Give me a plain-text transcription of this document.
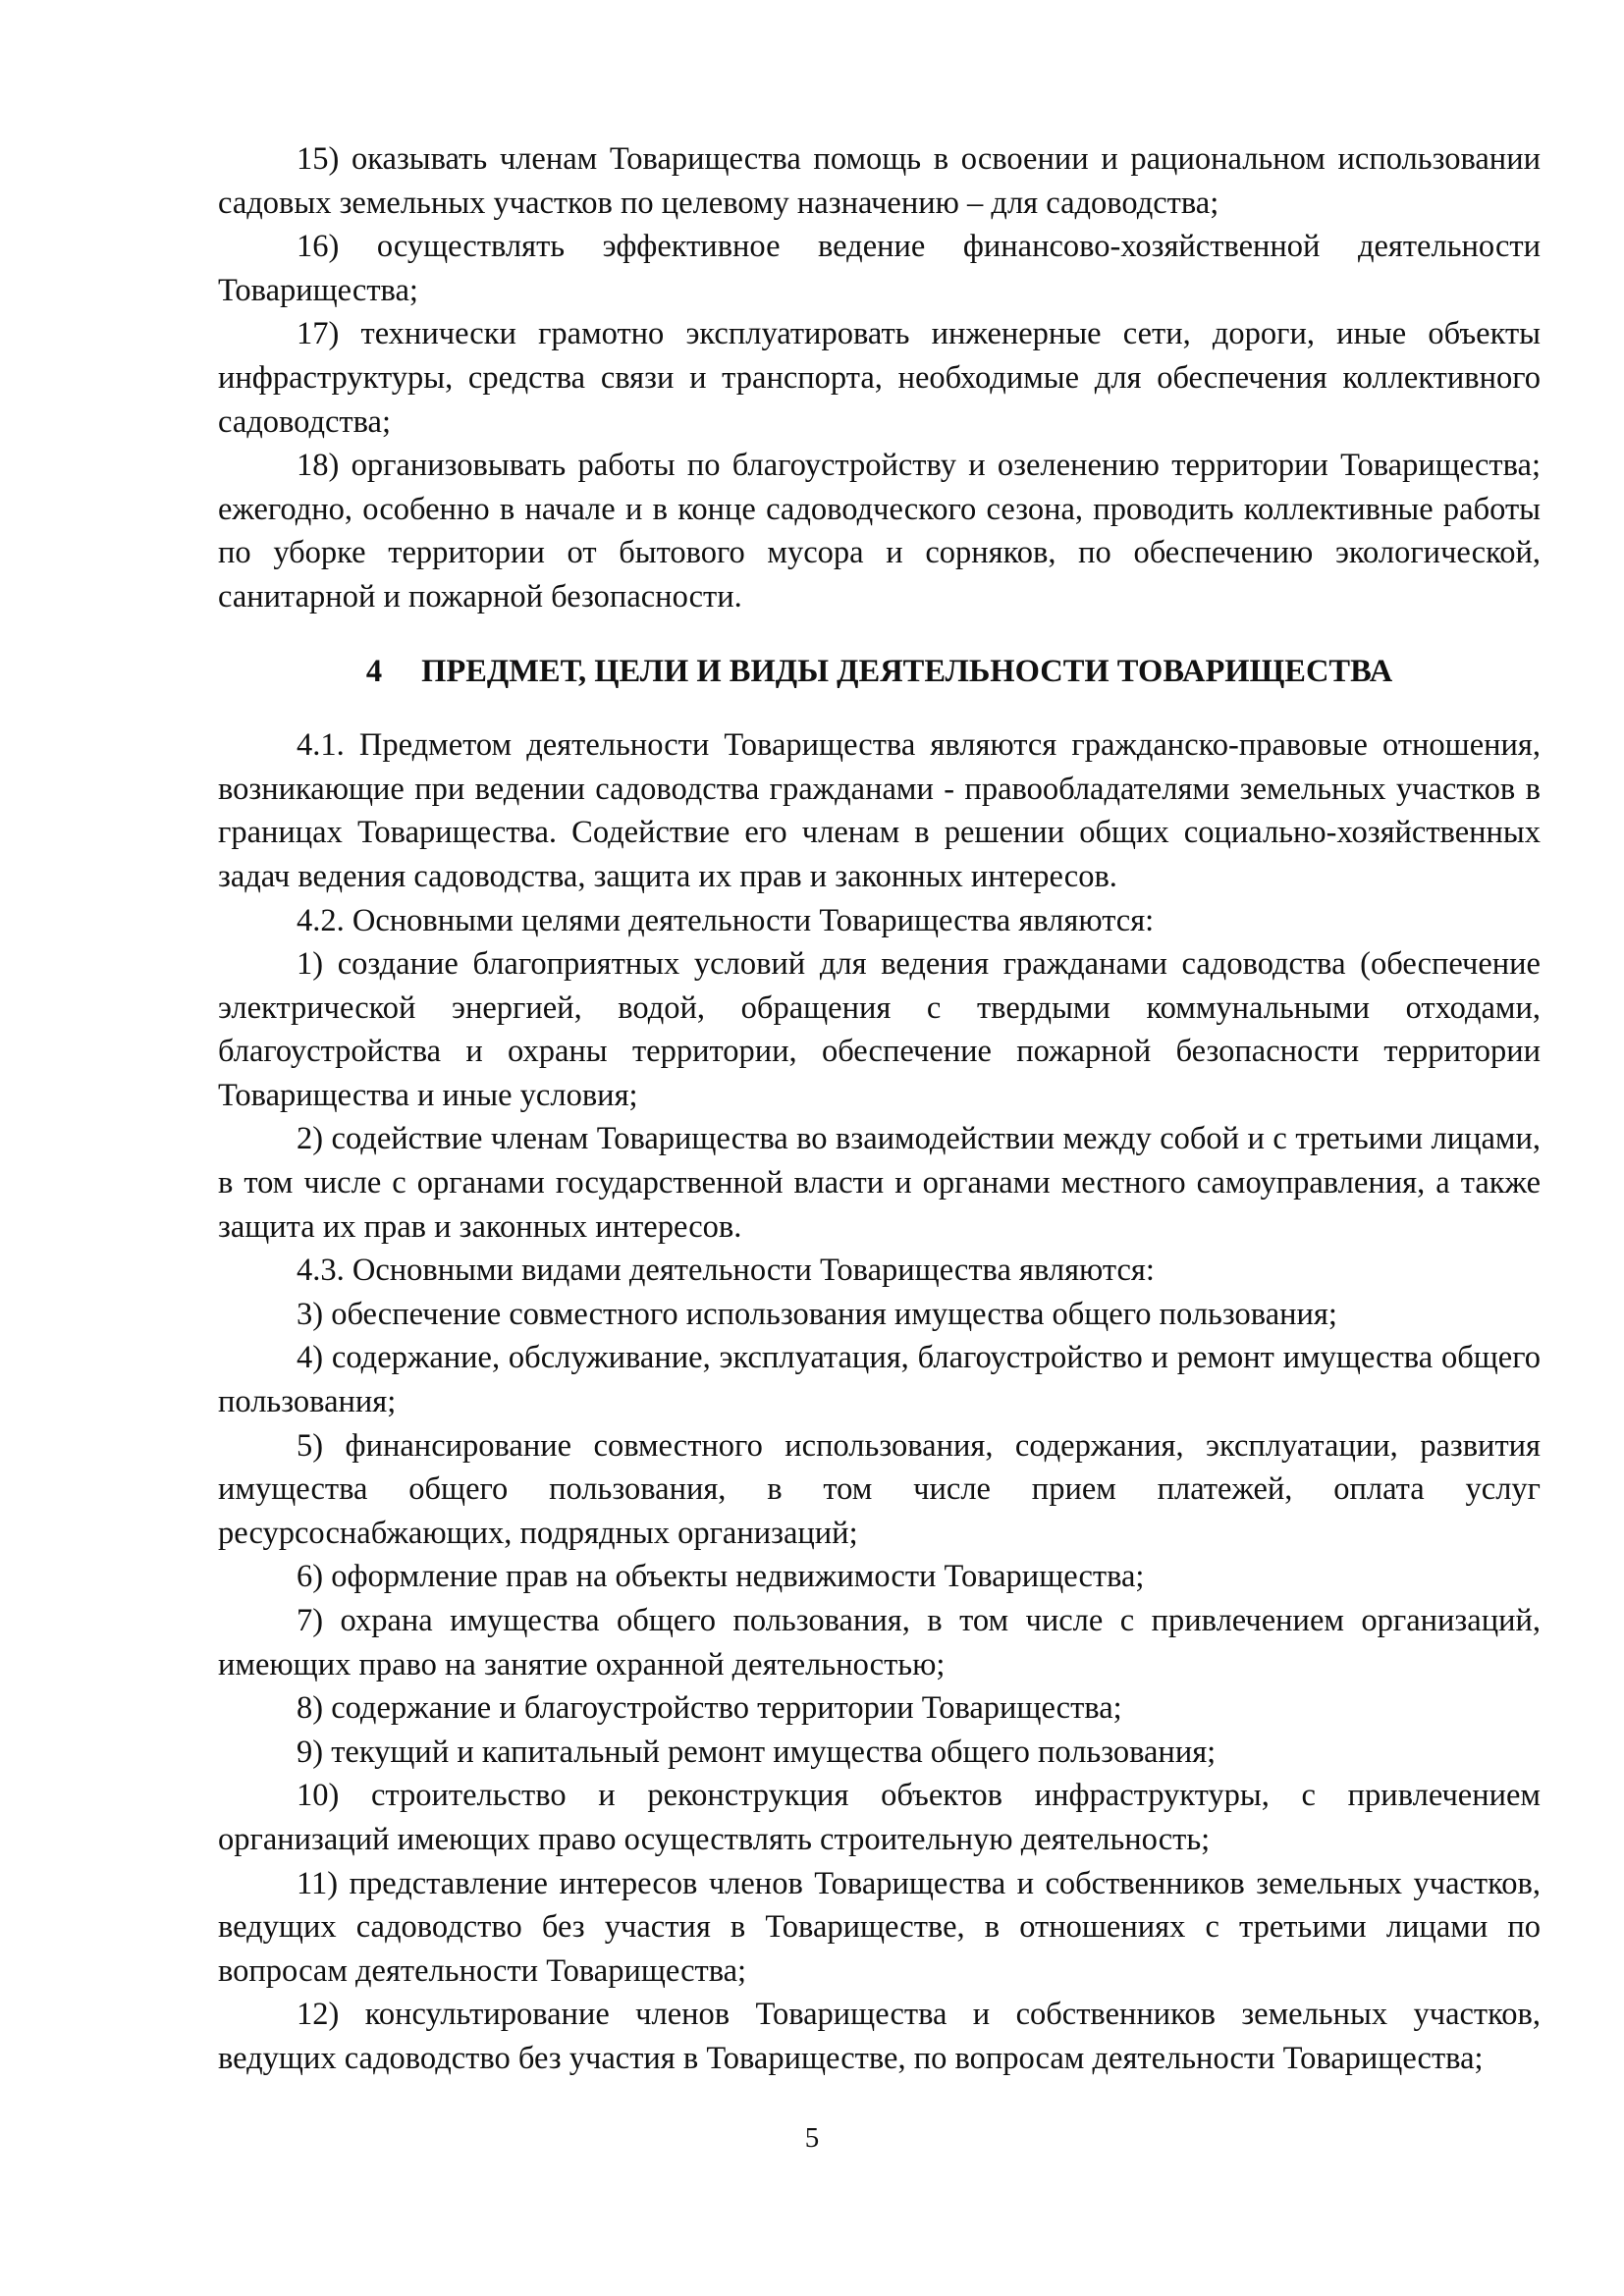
15) оказывать членам Товарищества помощь в освоении и рациональном использовании садовых земельных участков по целевому назначению – для садоводства;

16) осуществлять эффективное ведение финансово-хозяйственной деятельности Товарищества;

17) технически грамотно эксплуатировать инженерные сети, дороги, иные объекты инфраструктуры, средства связи и транспорта, необходимые для обеспечения коллективного садоводства;

18) организовывать работы по благоустройству и озеленению территории Товарищества; ежегодно, особенно в начале и в конце садоводческого сезона, проводить коллективные работы по уборке территории от бытового мусора и сорняков, по обеспечению экологической, санитарной и пожарной безопасности.

4 ПРЕДМЕТ, ЦЕЛИ И ВИДЫ ДЕЯТЕЛЬНОСТИ ТОВАРИЩЕСТВА

4.1. Предметом деятельности Товарищества являются гражданско-правовые отношения, возникающие при ведении садоводства гражданами - правообладателями земельных участков в границах Товарищества. Содействие его членам в решении общих социально-хозяйственных задач ведения садоводства, защита их прав и законных интересов.

4.2. Основными целями деятельности Товарищества являются:

1) создание благоприятных условий для ведения гражданами садоводства (обеспечение электрической энергией, водой, обращения с твердыми коммунальными отходами, благоустройства и охраны территории, обеспечение пожарной безопасности территории Товарищества и иные условия;

2) содействие членам Товарищества во взаимодействии между собой и с третьими лицами, в том числе с органами государственной власти и органами местного самоуправления, а также защита их прав и законных интересов.

4.3. Основными видами деятельности Товарищества являются:

3) обеспечение совместного использования имущества общего пользования;

4) содержание, обслуживание, эксплуатация, благоустройство и ремонт имущества общего пользования;

5) финансирование совместного использования, содержания, эксплуатации, развития имущества общего пользования, в том числе прием платежей, оплата услуг ресурсоснабжающих, подрядных организаций;

6) оформление прав на объекты недвижимости Товарищества;

7) охрана имущества общего пользования, в том числе с привлечением организаций, имеющих право на занятие охранной деятельностью;

8) содержание и благоустройство территории Товарищества;

9) текущий и капитальный ремонт имущества общего пользования;

10) строительство и реконструкция объектов инфраструктуры, с привлечением организаций имеющих право осуществлять строительную деятельность;

11) представление интересов членов Товарищества и собственников земельных участков, ведущих садоводство без участия в Товариществе, в отношениях с третьими лицами по вопросам деятельности Товарищества;

12) консультирование членов Товарищества и собственников земельных участков, ведущих садоводство без участия в Товариществе, по вопросам деятельности Товарищества;

5
